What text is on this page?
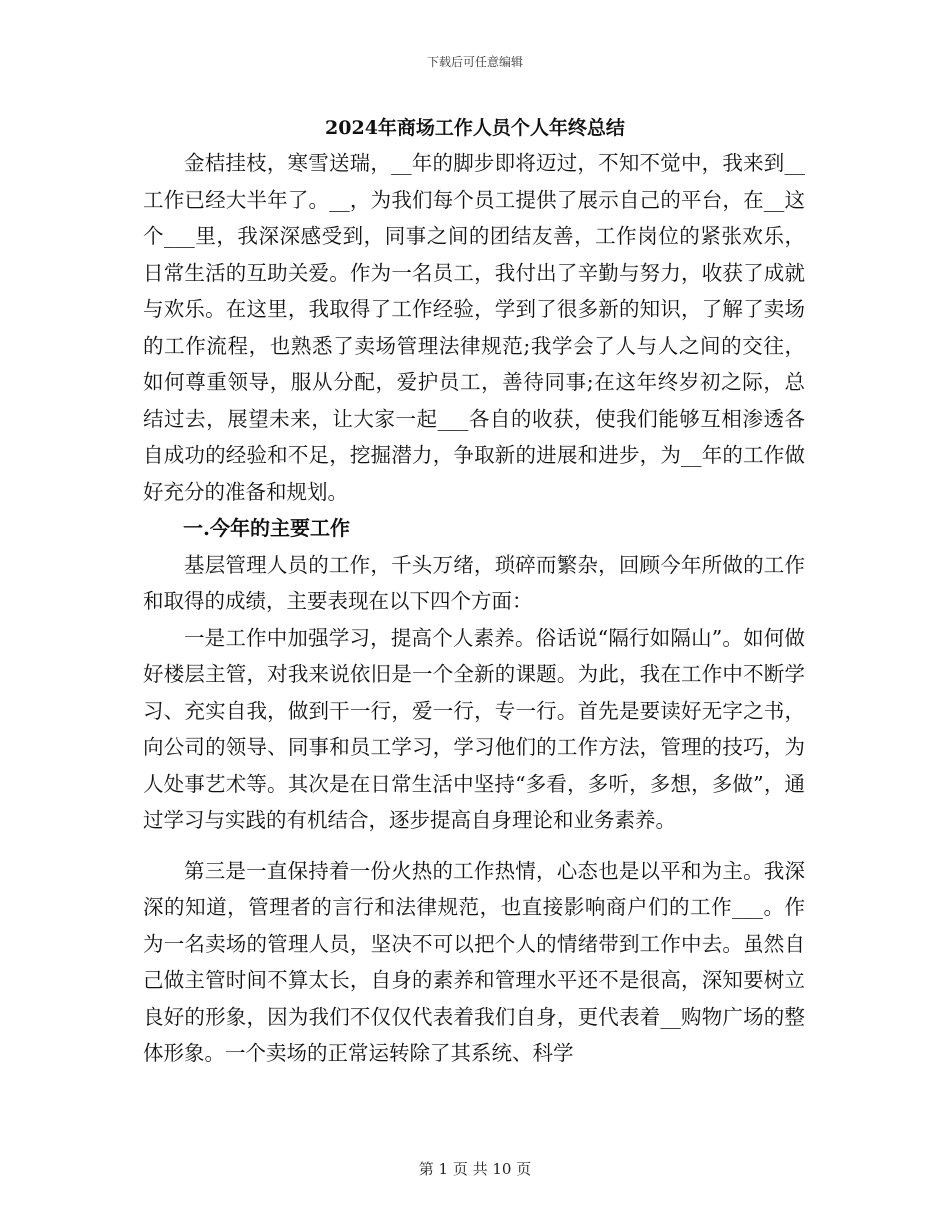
下载后可任意编辑
2024年商场工作人员个人年终总结

金桔挂枝，寒雪送瑞，__年的脚步即将迈过，不知不觉中，我来到__工作已经大半年了。__，为我们每个员工提供了展示自己的平台，在__这个___里，我深深感受到，同事之间的团结友善，工作岗位的紧张欢乐，日常生活的互助关爱。作为一名员工，我付出了辛勤与努力，收获了成就与欢乐。在这里，我取得了工作经验，学到了很多新的知识，了解了卖场的工作流程，也熟悉了卖场管理法律规范;我学会了人与人之间的交往，如何尊重领导，服从分配，爱护员工，善待同事;在这年终岁初之际，总结过去，展望未来，让大家一起___各自的收获，使我们能够互相渗透各自成功的经验和不足，挖掘潜力，争取新的进展和进步，为__年的工作做好充分的准备和规划。

一.今年的主要工作

基层管理人员的工作，千头万绪，琐碎而繁杂，回顾今年所做的工作和取得的成绩，主要表现在以下四个方面：

一是工作中加强学习，提高个人素养。俗话说“隔行如隔山”。如何做好楼层主管，对我来说依旧是一个全新的课题。为此，我在工作中不断学习、充实自我，做到干一行，爱一行，专一行。首先是要读好无字之书，向公司的领导、同事和员工学习，学习他们的工作方法，管理的技巧，为人处事艺术等。其次是在日常生活中坚持“多看，多听，多想，多做”，通过学习与实践的有机结合，逐步提高自身理论和业务素养。

第三是一直保持着一份火热的工作热情，心态也是以平和为主。我深深的知道，管理者的言行和法律规范，也直接影响商户们的工作___。作为一名卖场的管理人员，坚决不可以把个人的情绪带到工作中去。虽然自己做主管时间不算太长，自身的素养和管理水平还不是很高，深知要树立良好的形象，因为我们不仅仅代表着我们自身，更代表着__购物广场的整体形象。一个卖场的正常运转除了其系统、科学

第 1 页 共 10 页
